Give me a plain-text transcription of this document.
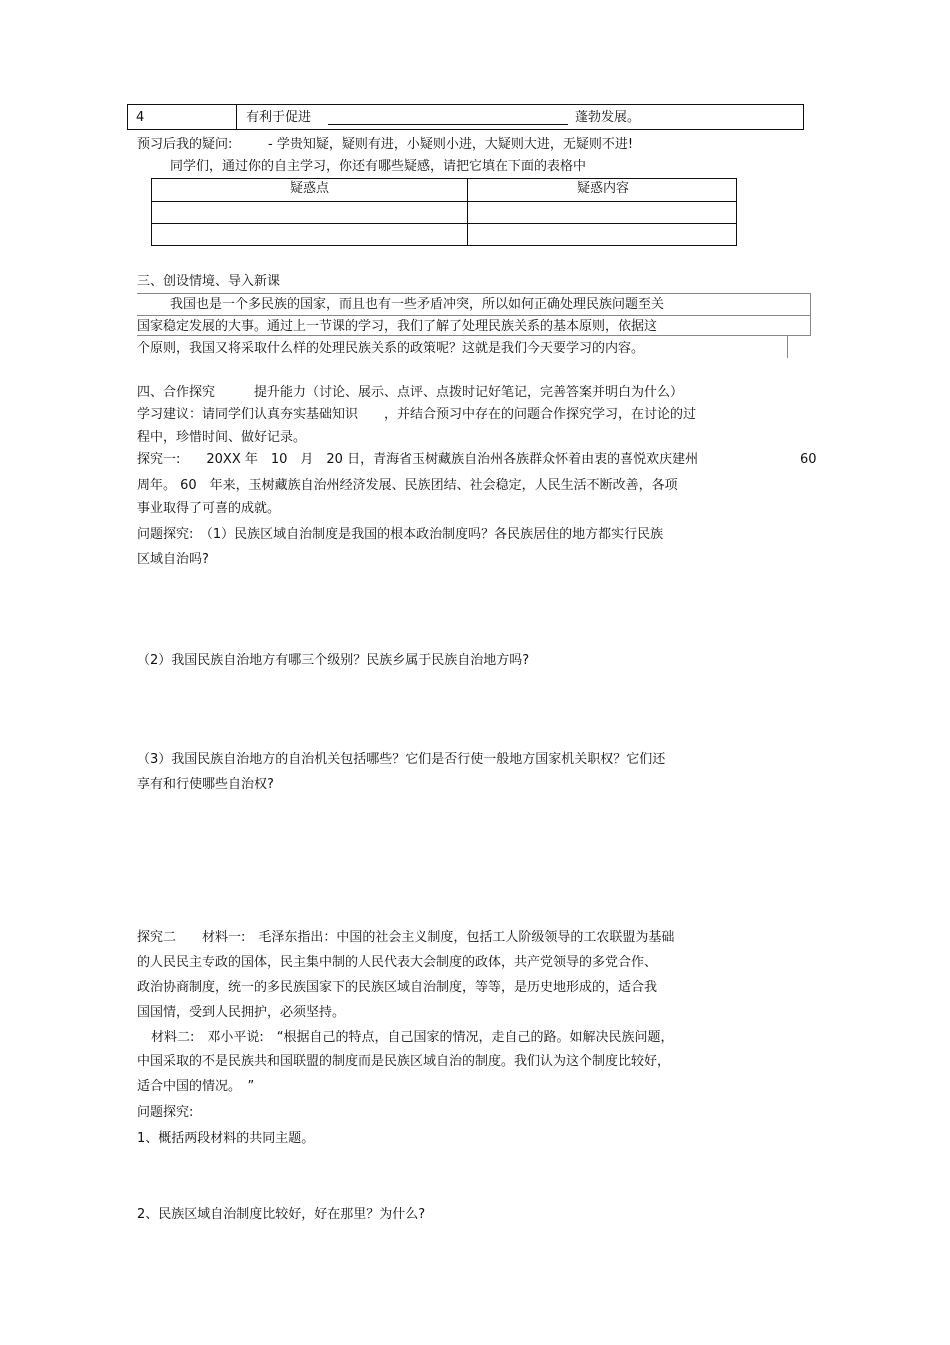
4	有利于促进	蓬勃发展。
预习后我的疑问:	- 学贵知疑，疑则有进，小疑则小进，大疑则大进，无疑则不进!
同学们，通过你的自主学习，你还有哪些疑感，请把它填在下面的表格中
疑惑点	疑惑内容
三、创设情境、导入新课
我国也是一个多民族的国家，而且也有一些矛盾冲突，所以如何正确处理民族问题至关
国家稳定发展的大事。通过上一节课的学习，我们了解了处理民族关系的基本原则，依据这
个原则，我国又将采取什么样的处理民族关系的政策呢？这就是我们今天要学习的内容。
四、合作探究	提升能力（讨论、展示、点评、点拨时记好笔记，完善答案并明白为什么）
学习建议：请同学们认真夯实基础知识　　，并结合预习中存在的问题合作探究学习，在讨论的过
程中，珍惜时间、做好记录。
探究一:　　20XX 年　10　月　20 日，青海省玉树藏族自治州各族群众怀着由衷的喜悦欢庆建州	60
周年。 60　年来，玉树藏族自治州经济发展、民族团结、社会稳定，人民生活不断改善，各项
事业取得了可喜的成就。
问题探究:　（1）民族区域自治制度是我国的根本政治制度吗？各民族居住的地方都实行民族
区域自治吗?
（2）我国民族自治地方有哪三个级别？民族乡属于民族自治地方吗?
（3）我国民族自治地方的自治机关包括哪些？它们是否行使一般地方国家机关职权？它们还
享有和行使哪些自治权?
探究二　　材料一:　毛泽东指出：中国的社会主义制度，包括工人阶级领导的工农联盟为基础
的人民民主专政的国体，民主集中制的人民代表大会制度的政体，共产党领导的多党合作、
政治协商制度，统一的多民族国家下的民族区域自治制度，等等，是历史地形成的，适合我
国国情，受到人民拥护，必须坚持。
材料二:　邓小平说:　“根据自己的特点，自己国家的情况，走自己的路。如解决民族问题，
中国采取的不是民族共和国联盟的制度而是民族区域自治的制度。我们认为这个制度比较好，
适合中国的情况。　”
问题探究:
1、概括两段材料的共同主题。
2、民族区域自治制度比较好，好在那里？为什么?
